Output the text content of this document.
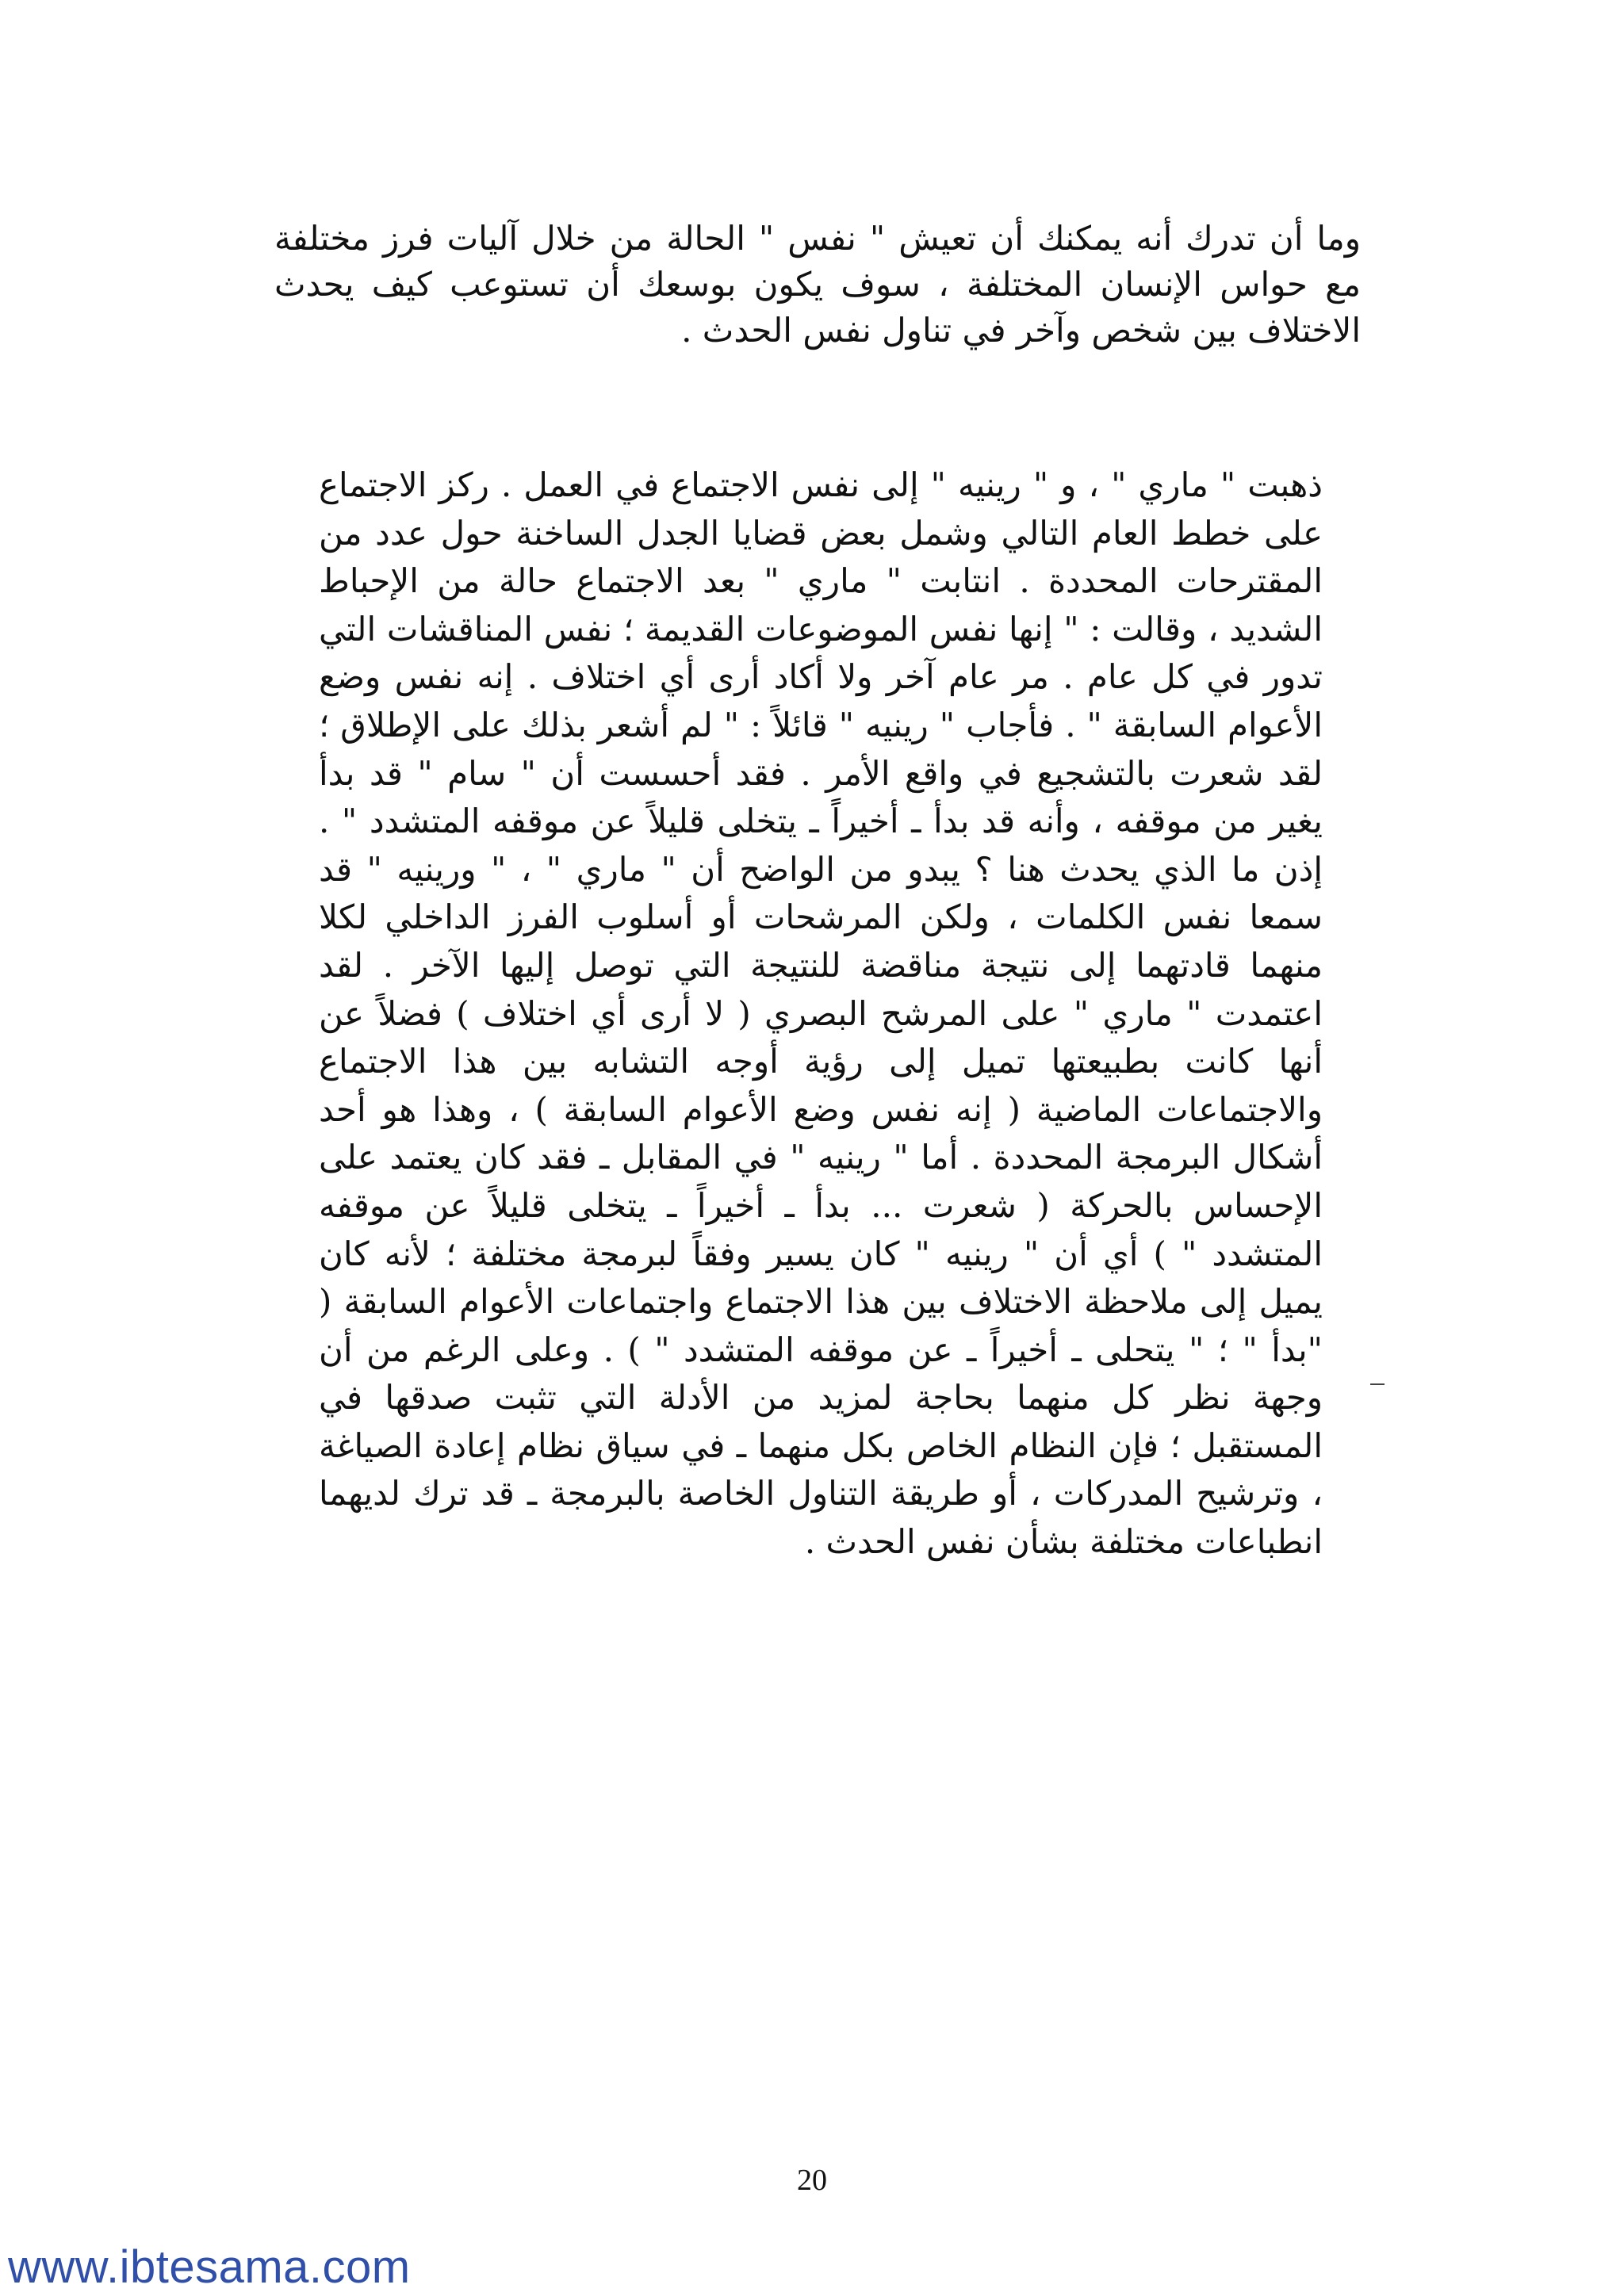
وما أن تدرك أنه يمكنك أن تعيش " نفس " الحالة من خلال آليات فرز مختلفة مع حواس الإنسان المختلفة ، سوف يكون بوسعك أن تستوعب كيف يحدث الاختلاف بين شخص وآخر في تناول نفس الحدث .

ذهبت " ماري " ، و " رينيه " إلى نفس الاجتماع في العمل . ركز الاجتماع على خطط العام التالي وشمل بعض قضايا الجدل الساخنة حول عدد من المقترحات المحددة . انتابت " ماري " بعد الاجتماع حالة من الإحباط الشديد ، وقالت : " إنها نفس الموضوعات القديمة ؛ نفس المناقشات التي تدور في كل عام . مر عام آخر ولا أكاد أرى أي اختلاف . إنه نفس وضع الأعوام السابقة " . فأجاب " رينيه " قائلاً : " لم أشعر بذلك على الإطلاق ؛ لقد شعرت بالتشجيع في واقع الأمر . فقد أحسست أن " سام " قد بدأ يغير من موقفه ، وأنه قد بدأ ـ أخيراً ـ يتخلى قليلاً عن موقفه المتشدد " . إذن ما الذي يحدث هنا ؟ يبدو من الواضح أن " ماري " ، " ورينيه " قد سمعا نفس الكلمات ، ولكن المرشحات أو أسلوب الفرز الداخلي لكلا منهما قادتهما إلى نتيجة مناقضة للنتيجة التي توصل إليها الآخر . لقد اعتمدت " ماري " على المرشح البصري ( لا أرى أي اختلاف ) فضلاً عن أنها كانت بطبيعتها تميل إلى رؤية أوجه التشابه بين هذا الاجتماع والاجتماعات الماضية ( إنه نفس وضع الأعوام السابقة ) ، وهذا هو أحد أشكال البرمجة المحددة . أما " رينيه " في المقابل ـ فقد كان يعتمد على الإحساس بالحركة ( شعرت ... بدأ ـ أخيراً ـ يتخلى قليلاً عن موقفه المتشدد " ) أي أن " رينيه " كان يسير وفقاً لبرمجة مختلفة ؛ لأنه كان يميل إلى ملاحظة الاختلاف بين هذا الاجتماع واجتماعات الأعوام السابقة ( "بدأ " ؛ " يتحلى ـ أخيراً ـ عن موقفه المتشدد " ) . وعلى الرغم من أن وجهة نظر كل منهما بحاجة لمزيد من الأدلة التي تثبت صدقها في المستقبل ؛ فإن النظام الخاص بكل منهما ـ في سياق نظام إعادة الصياغة ، وترشيح المدركات ، أو طريقة التناول الخاصة بالبرمجة ـ قد ترك لديهما انطباعات مختلفة بشأن نفس الحدث .

20
www.ibtesama.com
